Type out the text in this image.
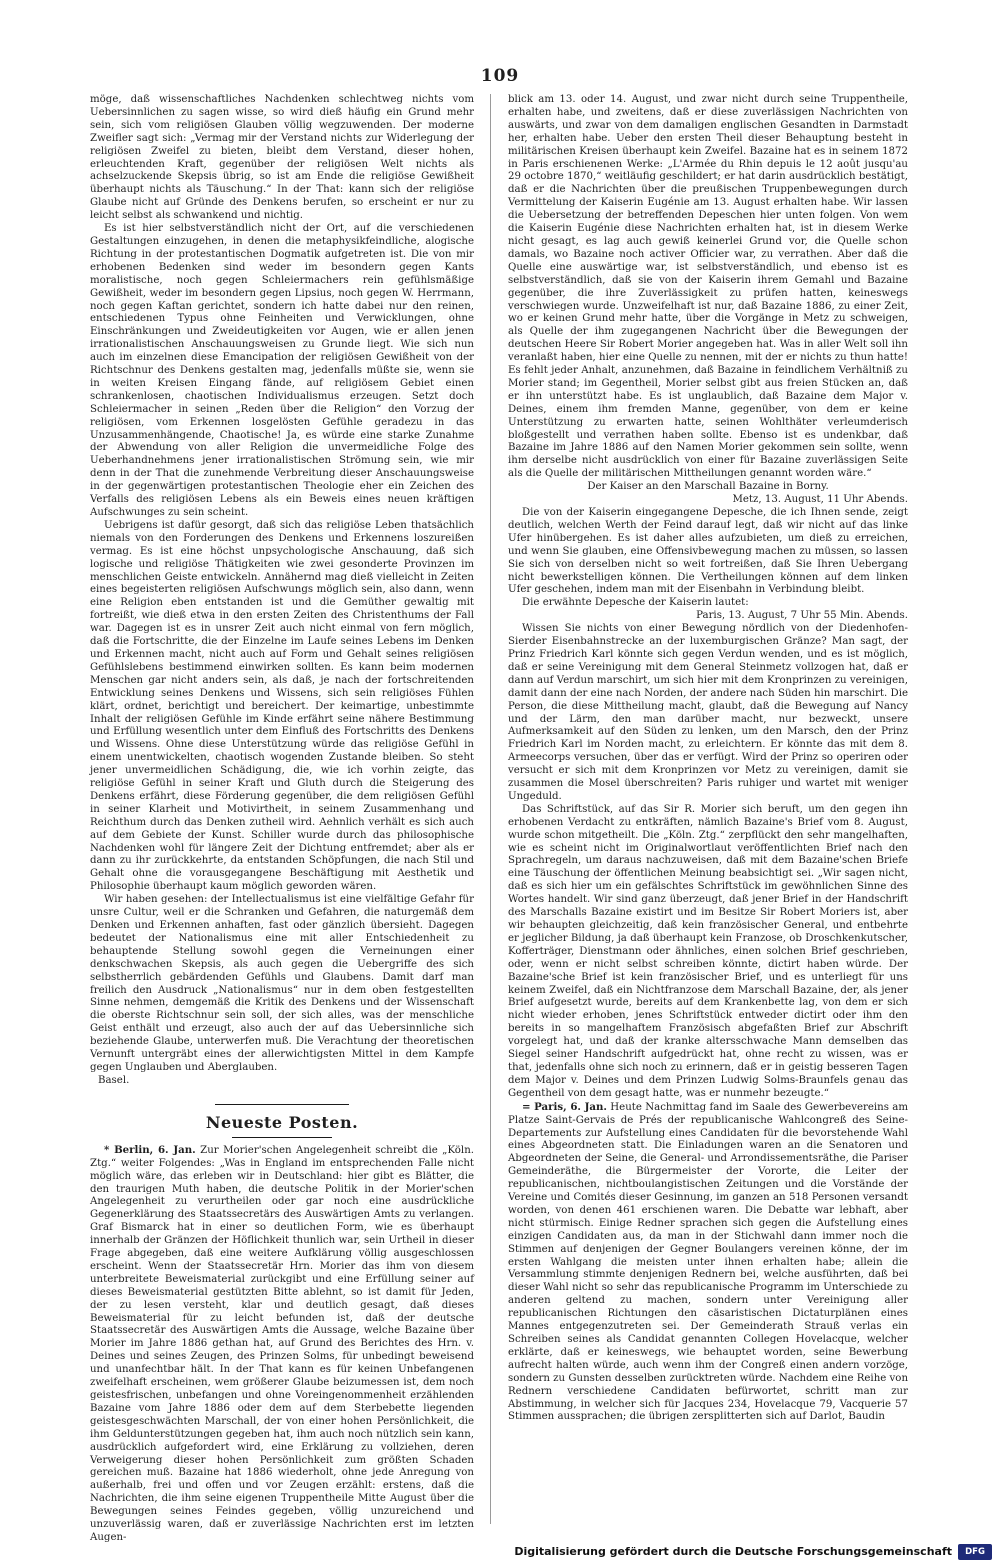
109

möge, daß wissenschaftliches Nachdenken schlechtweg nichts vom Uebersinnlichen zu sagen wisse, so wird dieß häufig ein Grund mehr sein, sich vom religiösen Glauben völlig wegzuwenden. Der moderne Zweifler sagt sich: „Vermag mir der Verstand nichts zur Widerlegung der religiösen Zweifel zu bieten, bleibt dem Verstand, dieser hohen, erleuchtenden Kraft, gegenüber der religiösen Welt nichts als achselzuckende Skepsis übrig, so ist am Ende die religiöse Gewißheit überhaupt nichts als Täuschung.“ In der That: kann sich der religiöse Glaube nicht auf Gründe des Denkens berufen, so erscheint er nur zu leicht selbst als schwankend und nichtig.

Es ist hier selbstverständlich nicht der Ort, auf die verschiedenen Gestaltungen einzugehen, in denen die metaphysikfeindliche, alogische Richtung in der protestantischen Dogmatik aufgetreten ist. Die von mir erhobenen Bedenken sind weder im besondern gegen Kants moralistische, noch gegen Schleiermachers rein gefühlsmäßige Gewißheit, weder im besondern gegen Lipsius, noch gegen W. Herrmann, noch gegen Kaftan gerichtet, sondern ich hatte dabei nur den reinen, entschiedenen Typus ohne Feinheiten und Verwicklungen, ohne Einschränkungen und Zweideutigkeiten vor Augen, wie er allen jenen irrationalistischen Anschauungsweisen zu Grunde liegt. Wie sich nun auch im einzelnen diese Emancipation der religiösen Gewißheit von der Richtschnur des Denkens gestalten mag, jedenfalls müßte sie, wenn sie in weiten Kreisen Eingang fände, auf religiösem Gebiet einen schrankenlosen, chaotischen Individualismus erzeugen. Setzt doch Schleiermacher in seinen „Reden über die Religion“ den Vorzug der religiösen, vom Erkennen losgelösten Gefühle geradezu in das Unzusammenhängende, Chaotische! Ja, es würde eine starke Zunahme der Abwendung von aller Religion die unvermeidliche Folge des Ueberhandnehmens jener irrationalistischen Strömung sein, wie mir denn in der That die zunehmende Verbreitung dieser Anschauungsweise in der gegenwärtigen protestantischen Theologie eher ein Zeichen des Verfalls des religiösen Lebens als ein Beweis eines neuen kräftigen Aufschwunges zu sein scheint.

Uebrigens ist dafür gesorgt, daß sich das religiöse Leben thatsächlich niemals von den Forderungen des Denkens und Erkennens loszureißen vermag. Es ist eine höchst unpsychologische Anschauung, daß sich logische und religiöse Thätigkeiten wie zwei gesonderte Provinzen im menschlichen Geiste entwickeln. Annähernd mag dieß vielleicht in Zeiten eines begeisterten religiösen Aufschwungs möglich sein, also dann, wenn eine Religion eben entstanden ist und die Gemüther gewaltig mit fortreißt, wie dieß etwa in den ersten Zeiten des Christenthums der Fall war. Dagegen ist es in unsrer Zeit auch nicht einmal von fern möglich, daß die Fortschritte, die der Einzelne im Laufe seines Lebens im Denken und Erkennen macht, nicht auch auf Form und Gehalt seines religiösen Gefühlslebens bestimmend einwirken sollten. Es kann beim modernen Menschen gar nicht anders sein, als daß, je nach der fortschreitenden Entwicklung seines Denkens und Wissens, sich sein religiöses Fühlen klärt, ordnet, berichtigt und bereichert. Der keimartige, unbestimmte Inhalt der religiösen Gefühle im Kinde erfährt seine nähere Bestimmung und Erfüllung wesentlich unter dem Einfluß des Fortschritts des Denkens und Wissens. Ohne diese Unterstützung würde das religiöse Gefühl in einem unentwickelten, chaotisch wogenden Zustande bleiben. So steht jener unvermeidlichen Schädigung, die, wie ich vorhin zeigte, das religiöse Gefühl in seiner Kraft und Gluth durch die Steigerung des Denkens erfährt, diese Förderung gegenüber, die dem religiösen Gefühl in seiner Klarheit und Motivirtheit, in seinem Zusammenhang und Reichthum durch das Denken zutheil wird. Aehnlich verhält es sich auch auf dem Gebiete der Kunst. Schiller wurde durch das philosophische Nachdenken wohl für längere Zeit der Dichtung entfremdet; aber als er dann zu ihr zurückkehrte, da entstanden Schöpfungen, die nach Stil und Gehalt ohne die vorausgegangene Beschäftigung mit Aesthetik und Philosophie überhaupt kaum möglich geworden wären.

Wir haben gesehen: der Intellectualismus ist eine vielfältige Gefahr für unsre Cultur, weil er die Schranken und Gefahren, die naturgemäß dem Denken und Erkennen anhaften, fast oder gänzlich übersieht. Dagegen bedeutet der Nationalismus eine mit aller Entschiedenheit zu behauptende Stellung sowohl gegen die Verneinungen einer denkschwachen Skepsis, als auch gegen die Uebergriffe des sich selbstherrlich gebärdenden Gefühls und Glaubens. Damit darf man freilich den Ausdruck „Nationalismus“ nur in dem oben festgestellten Sinne nehmen, demgemäß die Kritik des Denkens und der Wissenschaft die oberste Richtschnur sein soll, der sich alles, was der menschliche Geist enthält und erzeugt, also auch der auf das Uebersinnliche sich beziehende Glaube, unterwerfen muß. Die Verachtung der theoretischen Vernunft untergräbt eines der allerwichtigsten Mittel in dem Kampfe gegen Unglauben und Aberglauben.

Basel.

Neueste Posten.

* Berlin, 6. Jan. Zur Morier'schen Angelegenheit schreibt die „Köln. Ztg.“ weiter Folgendes: „Was in England im entsprechenden Falle nicht möglich wäre, das erleben wir in Deutschland: hier gibt es Blätter, die den traurigen Muth haben, die deutsche Politik in der Morier'schen Angelegenheit zu verurtheilen oder gar noch eine ausdrückliche Gegenerklärung des Staatssecretärs des Auswärtigen Amts zu verlangen. Graf Bismarck hat in einer so deutlichen Form, wie es überhaupt innerhalb der Gränzen der Höflichkeit thunlich war, sein Urtheil in dieser Frage abgegeben, daß eine weitere Aufklärung völlig ausgeschlossen erscheint. Wenn der Staatssecretär Hrn. Morier das ihm von diesem unterbreitete Beweismaterial zurückgibt und eine Erfüllung seiner auf dieses Beweismaterial gestützten Bitte ablehnt, so ist damit für Jeden, der zu lesen versteht, klar und deutlich gesagt, daß dieses Beweismaterial für zu leicht befunden ist, daß der deutsche Staatssecretär des Auswärtigen Amts die Aussage, welche Bazaine über Morier im Jahre 1886 gethan hat, auf Grund des Berichtes des Hrn. v. Deines und seines Zeugen, des Prinzen Solms, für unbedingt beweisend und unanfechtbar hält. In der That kann es für keinen Unbefangenen zweifelhaft erscheinen, wem größerer Glaube beizumessen ist, dem noch geistesfrischen, unbefangen und ohne Voreingenommenheit erzählenden Bazaine vom Jahre 1886 oder dem auf dem Sterbebette liegenden geistesgeschwächten Marschall, der von einer hohen Persönlichkeit, die ihm Geldunterstützungen gegeben hat, ihm auch noch nützlich sein kann, ausdrücklich aufgefordert wird, eine Erklärung zu vollziehen, deren Verweigerung dieser hohen Persönlichkeit zum größten Schaden gereichen muß. Bazaine hat 1886 wiederholt, ohne jede Anregung von außerhalb, frei und offen und vor Zeugen erzählt: erstens, daß die Nachrichten, die ihm seine eigenen Truppentheile Mitte August über die Bewegungen seines Feindes gegeben, völlig unzureichend und unzuverlässig waren, daß er zuverlässige Nachrichten erst im letzten Augen-

blick am 13. oder 14. August, und zwar nicht durch seine Truppentheile, erhalten habe, und zweitens, daß er diese zuverlässigen Nachrichten von auswärts, und zwar von dem damaligen englischen Gesandten in Darmstadt her, erhalten habe. Ueber den ersten Theil dieser Behauptung besteht in militärischen Kreisen überhaupt kein Zweifel. Bazaine hat es in seinem 1872 in Paris erschienenen Werke: „L'Armée du Rhin depuis le 12 août jusqu'au 29 octobre 1870,“ weitläufig geschildert; er hat darin ausdrücklich bestätigt, daß er die Nachrichten über die preußischen Truppenbewegungen durch Vermittelung der Kaiserin Eugénie am 13. August erhalten habe. Wir lassen die Uebersetzung der betreffenden Depeschen hier unten folgen. Von wem die Kaiserin Eugénie diese Nachrichten erhalten hat, ist in diesem Werke nicht gesagt, es lag auch gewiß keinerlei Grund vor, die Quelle schon damals, wo Bazaine noch activer Officier war, zu verrathen. Aber daß die Quelle eine auswärtige war, ist selbstverständlich, und ebenso ist es selbstverständlich, daß sie von der Kaiserin ihrem Gemahl und Bazaine gegenüber, die ihre Zuverlässigkeit zu prüfen hatten, keineswegs verschwiegen wurde. Unzweifelhaft ist nur, daß Bazaine 1886, zu einer Zeit, wo er keinen Grund mehr hatte, über die Vorgänge in Metz zu schweigen, als Quelle der ihm zugegangenen Nachricht über die Bewegungen der deutschen Heere Sir Robert Morier angegeben hat. Was in aller Welt soll ihn veranlaßt haben, hier eine Quelle zu nennen, mit der er nichts zu thun hatte! Es fehlt jeder Anhalt, anzunehmen, daß Bazaine in feindlichem Verhältniß zu Morier stand; im Gegentheil, Morier selbst gibt aus freien Stücken an, daß er ihn unterstützt habe. Es ist unglaublich, daß Bazaine dem Major v. Deines, einem ihm fremden Manne, gegenüber, von dem er keine Unterstützung zu erwarten hatte, seinen Wohlthäter verleumderisch bloßgestellt und verrathen haben sollte. Ebenso ist es undenkbar, daß Bazaine im Jahre 1886 auf den Namen Morier gekommen sein sollte, wenn ihm derselbe nicht ausdrücklich von einer für Bazaine zuverlässigen Seite als die Quelle der militärischen Mittheilungen genannt worden wäre.“

Der Kaiser an den Marschall Bazaine in Borny.

Metz, 13. August, 11 Uhr Abends.

Die von der Kaiserin eingegangene Depesche, die ich Ihnen sende, zeigt deutlich, welchen Werth der Feind darauf legt, daß wir nicht auf das linke Ufer hinübergehen. Es ist daher alles aufzubieten, um dieß zu erreichen, und wenn Sie glauben, eine Offensivbewegung machen zu müssen, so lassen Sie sich von derselben nicht so weit fortreißen, daß Sie Ihren Uebergang nicht bewerkstelligen können. Die Vertheilungen können auf dem linken Ufer geschehen, indem man mit der Eisenbahn in Verbindung bleibt.

Die erwähnte Depesche der Kaiserin lautet:

Paris, 13. August, 7 Uhr 55 Min. Abends.

Wissen Sie nichts von einer Bewegung nördlich von der Diedenhofen-Sierder Eisenbahnstrecke an der luxemburgischen Gränze? Man sagt, der Prinz Friedrich Karl könnte sich gegen Verdun wenden, und es ist möglich, daß er seine Vereinigung mit dem General Steinmetz vollzogen hat, daß er dann auf Verdun marschirt, um sich hier mit dem Kronprinzen zu vereinigen, damit dann der eine nach Norden, der andere nach Süden hin marschirt. Die Person, die diese Mittheilung macht, glaubt, daß die Bewegung auf Nancy und der Lärm, den man darüber macht, nur bezweckt, unsere Aufmerksamkeit auf den Süden zu lenken, um den Marsch, den der Prinz Friedrich Karl im Norden macht, zu erleichtern. Er könnte das mit dem 8. Armeecorps versuchen, über das er verfügt. Wird der Prinz so operiren oder versucht er sich mit dem Kronprinzen vor Metz zu vereinigen, damit sie zusammen die Mosel überschreiten? Paris ruhiger und wartet mit weniger Ungeduld.

Das Schriftstück, auf das Sir R. Morier sich beruft, um den gegen ihn erhobenen Verdacht zu entkräften, nämlich Bazaine's Brief vom 8. August, wurde schon mitgetheilt. Die „Köln. Ztg.“ zerpflückt den sehr mangelhaften, wie es scheint nicht im Originalwortlaut veröffentlichten Brief nach den Sprachregeln, um daraus nachzuweisen, daß mit dem Bazaine'schen Briefe eine Täuschung der öffentlichen Meinung beabsichtigt sei. „Wir sagen nicht, daß es sich hier um ein gefälschtes Schriftstück im gewöhnlichen Sinne des Wortes handelt. Wir sind ganz überzeugt, daß jener Brief in der Handschrift des Marschalls Bazaine existirt und im Besitze Sir Robert Moriers ist, aber wir behaupten gleichzeitig, daß kein französischer General, und entbehrte er jeglicher Bildung, ja daß überhaupt kein Franzose, ob Droschkenkutscher, Kofferträger, Dienstmann oder ähnliches, einen solchen Brief geschrieben, oder, wenn er nicht selbst schreiben könnte, dictirt haben würde. Der Bazaine'sche Brief ist kein französischer Brief, und es unterliegt für uns keinem Zweifel, daß ein Nichtfranzose dem Marschall Bazaine, der, als jener Brief aufgesetzt wurde, bereits auf dem Krankenbette lag, von dem er sich nicht wieder erhoben, jenes Schriftstück entweder dictirt oder ihm den bereits in so mangelhaftem Französisch abgefaßten Brief zur Abschrift vorgelegt hat, und daß der kranke altersschwache Mann demselben das Siegel seiner Handschrift aufgedrückt hat, ohne recht zu wissen, was er that, jedenfalls ohne sich noch zu erinnern, daß er in geistig besseren Tagen dem Major v. Deines und dem Prinzen Ludwig Solms-Braunfels genau das Gegentheil von dem gesagt hatte, was er nunmehr bezeugte.“

= Paris, 6. Jan. Heute Nachmittag fand im Saale des Gewerbevereins am Platze Saint-Gervais de Prés der republicanische Wahlcongreß des Seine-Departements zur Aufstellung eines Candidaten für die bevorstehende Wahl eines Abgeordneten statt. Die Einladungen waren an die Senatoren und Abgeordneten der Seine, die General- und Arrondissementsräthe, die Pariser Gemeinderäthe, die Bürgermeister der Vororte, die Leiter der republicanischen, nichtboulangistischen Zeitungen und die Vorstände der Vereine und Comités dieser Gesinnung, im ganzen an 518 Personen versandt worden, von denen 461 erschienen waren. Die Debatte war lebhaft, aber nicht stürmisch. Einige Redner sprachen sich gegen die Aufstellung eines einzigen Candidaten aus, da man in der Stichwahl dann immer noch die Stimmen auf denjenigen der Gegner Boulangers vereinen könne, der im ersten Wahlgang die meisten unter ihnen erhalten habe; allein die Versammlung stimmte denjenigen Rednern bei, welche ausführten, daß bei dieser Wahl nicht so sehr das republicanische Programm im Unterschiede zu anderen geltend zu machen, sondern unter Vereinigung aller republicanischen Richtungen den cäsaristischen Dictaturplänen eines Mannes entgegenzutreten sei. Der Gemeinderath Strauß verlas ein Schreiben seines als Candidat genannten Collegen Hovelacque, welcher erklärte, daß er keineswegs, wie behauptet worden, seine Bewerbung aufrecht halten würde, auch wenn ihm der Congreß einen andern vorzöge, sondern zu Gunsten desselben zurücktreten würde. Nachdem eine Reihe von Rednern verschiedene Candidaten befürwortet, schritt man zur Abstimmung, in welcher sich für Jacques 234, Hovelacque 79, Vacquerie 57 Stimmen aussprachen; die übrigen zersplitterten sich auf Darlot, Baudin

Digitalisierung gefördert durch die Deutsche Forschungsgemeinschaft	DFG
